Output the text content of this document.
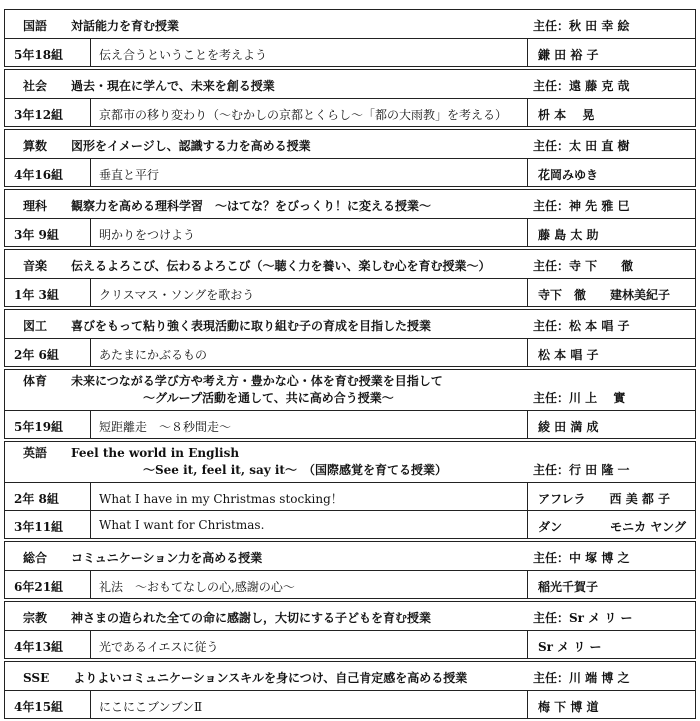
国語　　対話能力を育む授業	主任：秋 田 幸 絵
5年18組	伝え合うということを考えよう	鎌 田 裕 子
社会　　過去・現在に学んで、未来を創る授業	主任：遠 藤 克 哉
3年12組	京都市の移り変わり（〜むかしの京都とくらし〜「都の大雨教」を考える）	枡 本　 晃
算数　　図形をイメージし、認識する力を高める授業	主任：太 田 直 樹
4年16組	垂直と平行	花岡みゆき
理科　　観察力を高める理科学習　〜はてな？をびっくり！に変える授業〜	主任：神 先 雅 巳
3年 9組	明かりをつけよう	藤 島 太 助
音楽　　伝えるよろこび、伝わるよろこび（〜聴く力を養い、楽しむ心を育む授業〜）	主任：寺 下　　徹
1年 3組	クリスマス・ソングを歌おう	寺下　徹　　建林美紀子
図工　　喜びをもって粘り強く表現活動に取り組む子の育成を目指した授業	主任：松 本 唱 子
2年 6組	あたまにかぶるもの	松 本 唱 子
体育　　未来につながる学び方や考え方・豊かな心・体を育む授業を目指して
　　　　　　　　　　〜グループ活動を通して、共に高め合う授業〜	主任：川 上　 實
5年19組	短距離走　〜８秒間走〜	綾 田 満 成
英語　　Feel the world in English
　　　　　　　　　　〜See it, feel it, say it〜　（国際感覚を育てる授業）	主任：行 田 隆 一
2年 8組	What I have in my Christmas stocking！	アフレラ　　西 美 都 子
3年11組	What I want for Christmas.	ダン　　　　モニカ ヤング
総合　　コミュニケーション力を高める授業	主任：中 塚 博 之
6年21組	礼法　〜おもてなしの心,感謝の心〜	稲光千賀子
宗教　　神さまの造られた全ての命に感謝し，大切にする子どもを育む授業	主任：Sr メ リ ー
4年13組	光であるイエスに従う	Sr メ リ ー
SSE　　よりよいコミュニケーションスキルを身につけ、自己肯定感を高める授業	主任：川 端 博 之
4年15組	にこにこブンブンⅡ	梅 下 博 道
